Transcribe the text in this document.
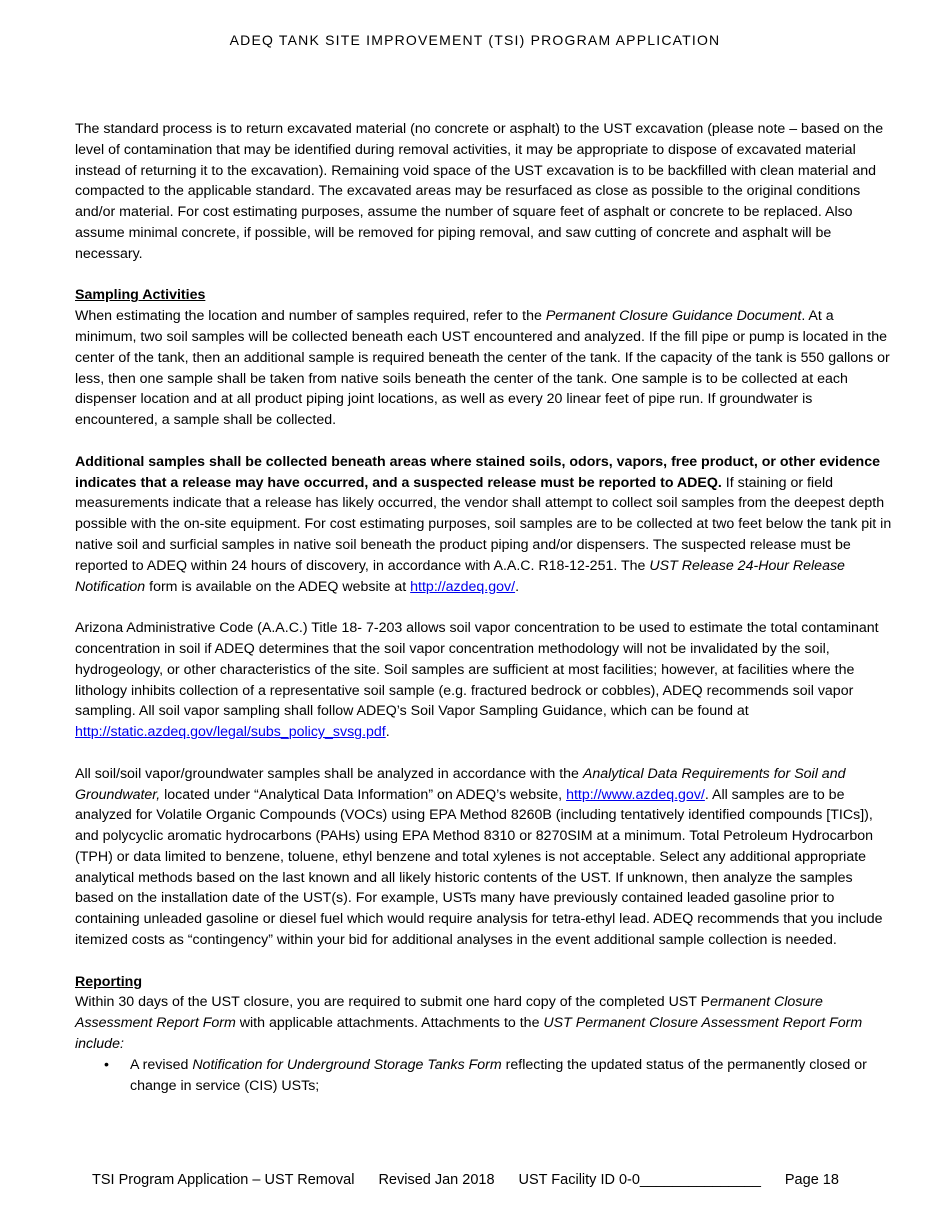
ADEQ TANK SITE IMPROVEMENT (TSI) PROGRAM APPLICATION

The standard process is to return excavated material (no concrete or asphalt) to the UST excavation (please note – based on the level of contamination that may be identified during removal activities, it may be appropriate to dispose of excavated material instead of returning it to the excavation). Remaining void space of the UST excavation is to be backfilled with clean material and compacted to the applicable standard. The excavated areas may be resurfaced as close as possible to the original conditions and/or material. For cost estimating purposes, assume the number of square feet of asphalt or concrete to be replaced. Also assume minimal concrete, if possible, will be removed for piping removal, and saw cutting of concrete and asphalt will be necessary.

Sampling Activities

When estimating the location and number of samples required, refer to the Permanent Closure Guidance Document. At a minimum, two soil samples will be collected beneath each UST encountered and analyzed. If the fill pipe or pump is located in the center of the tank, then an additional sample is required beneath the center of the tank. If the capacity of the tank is 550 gallons or less, then one sample shall be taken from native soils beneath the center of the tank. One sample is to be collected at each dispenser location and at all product piping joint locations, as well as every 20 linear feet of pipe run. If groundwater is encountered, a sample shall be collected.

Additional samples shall be collected beneath areas where stained soils, odors, vapors, free product, or other evidence indicates that a release may have occurred, and a suspected release must be reported to ADEQ. If staining or field measurements indicate that a release has likely occurred, the vendor shall attempt to collect soil samples from the deepest depth possible with the on-site equipment. For cost estimating purposes, soil samples are to be collected at two feet below the tank pit in native soil and surficial samples in native soil beneath the product piping and/or dispensers. The suspected release must be reported to ADEQ within 24 hours of discovery, in accordance with A.A.C. R18-12-251. The UST Release 24-Hour Release Notification form is available on the ADEQ website at http://azdeq.gov/.

Arizona Administrative Code (A.A.C.) Title 18- 7-203 allows soil vapor concentration to be used to estimate the total contaminant concentration in soil if ADEQ determines that the soil vapor concentration methodology will not be invalidated by the soil, hydrogeology, or other characteristics of the site. Soil samples are sufficient at most facilities; however, at facilities where the lithology inhibits collection of a representative soil sample (e.g. fractured bedrock or cobbles), ADEQ recommends soil vapor sampling. All soil vapor sampling shall follow ADEQ’s Soil Vapor Sampling Guidance, which can be found at http://static.azdeq.gov/legal/subs_policy_svsg.pdf.

All soil/soil vapor/groundwater samples shall be analyzed in accordance with the Analytical Data Requirements for Soil and Groundwater, located under “Analytical Data Information” on ADEQ’s website, http://www.azdeq.gov/. All samples are to be analyzed for Volatile Organic Compounds (VOCs) using EPA Method 8260B (including tentatively identified compounds [TICs]), and polycyclic aromatic hydrocarbons (PAHs) using EPA Method 8310 or 8270SIM at a minimum. Total Petroleum Hydrocarbon (TPH) or data limited to benzene, toluene, ethyl benzene and total xylenes is not acceptable. Select any additional appropriate analytical methods based on the last known and all likely historic contents of the UST. If unknown, then analyze the samples based on the installation date of the UST(s). For example, USTs many have previously contained leaded gasoline prior to containing unleaded gasoline or diesel fuel which would require analysis for tetra-ethyl lead. ADEQ recommends that you include itemized costs as “contingency” within your bid for additional analyses in the event additional sample collection is needed.

Reporting

Within 30 days of the UST closure, you are required to submit one hard copy of the completed UST Permanent Closure Assessment Report Form with applicable attachments. Attachments to the UST Permanent Closure Assessment Report Form include:

• A revised Notification for Underground Storage Tanks Form reflecting the updated status of the permanently closed or change in service (CIS) USTs;
TSI Program Application – UST Removal Revised Jan 2018 UST Facility ID 0-0_______________ Page 18
